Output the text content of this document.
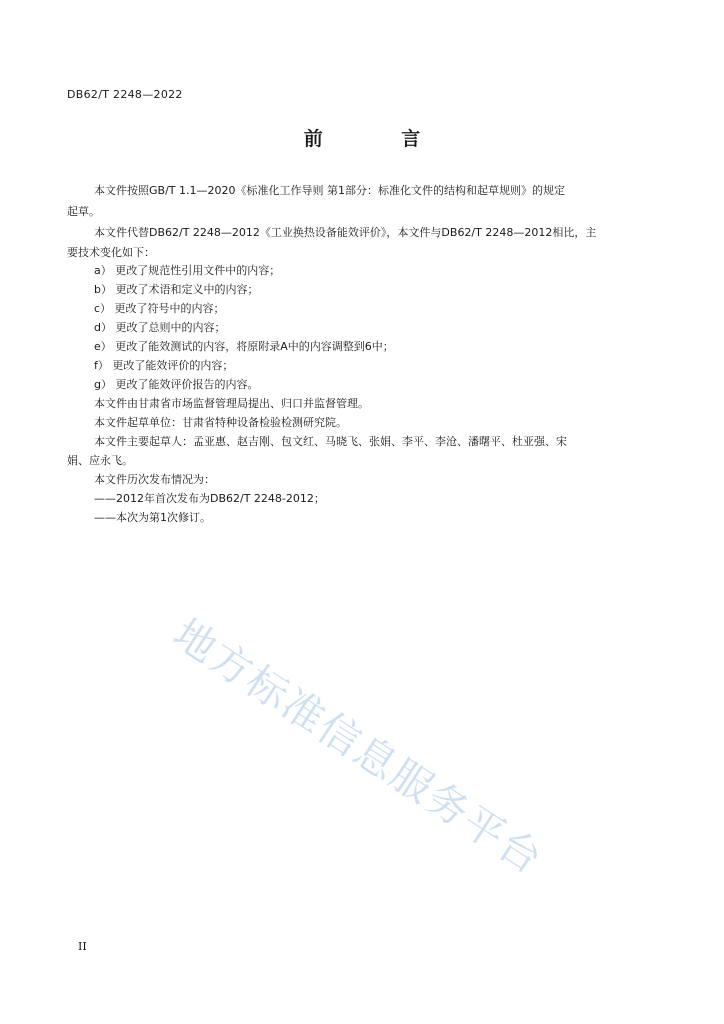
DB62/T 2248—2022
前 言
本文件按照GB/T 1.1—2020《标准化工作导则 第1部分：标准化文件的结构和起草规则》的规定
起草。
本文件代替DB62/T 2248—2012《工业换热设备能效评价》，本文件与DB62/T 2248—2012相比，主
要技术变化如下：
a） 更改了规范性引用文件中的内容；
b） 更改了术语和定义中的内容；
c） 更改了符号中的内容；
d） 更改了总则中的内容；
e） 更改了能效测试的内容，将原附录A中的内容调整到6中；
f） 更改了能效评价的内容；
g） 更改了能效评价报告的内容。
本文件由甘肃省市场监督管理局提出、归口并监督管理。
本文件起草单位：甘肃省特种设备检验检测研究院。
本文件主要起草人：孟亚惠、赵吉刚、包文红、马晓飞、张娟、李平、李沧、潘曙平、杜亚强、宋
娟、应永飞。
本文件历次发布情况为：
——2012年首次发布为DB62/T 2248-2012；
——本次为第1次修订。
地方标准信息服务平台
II
